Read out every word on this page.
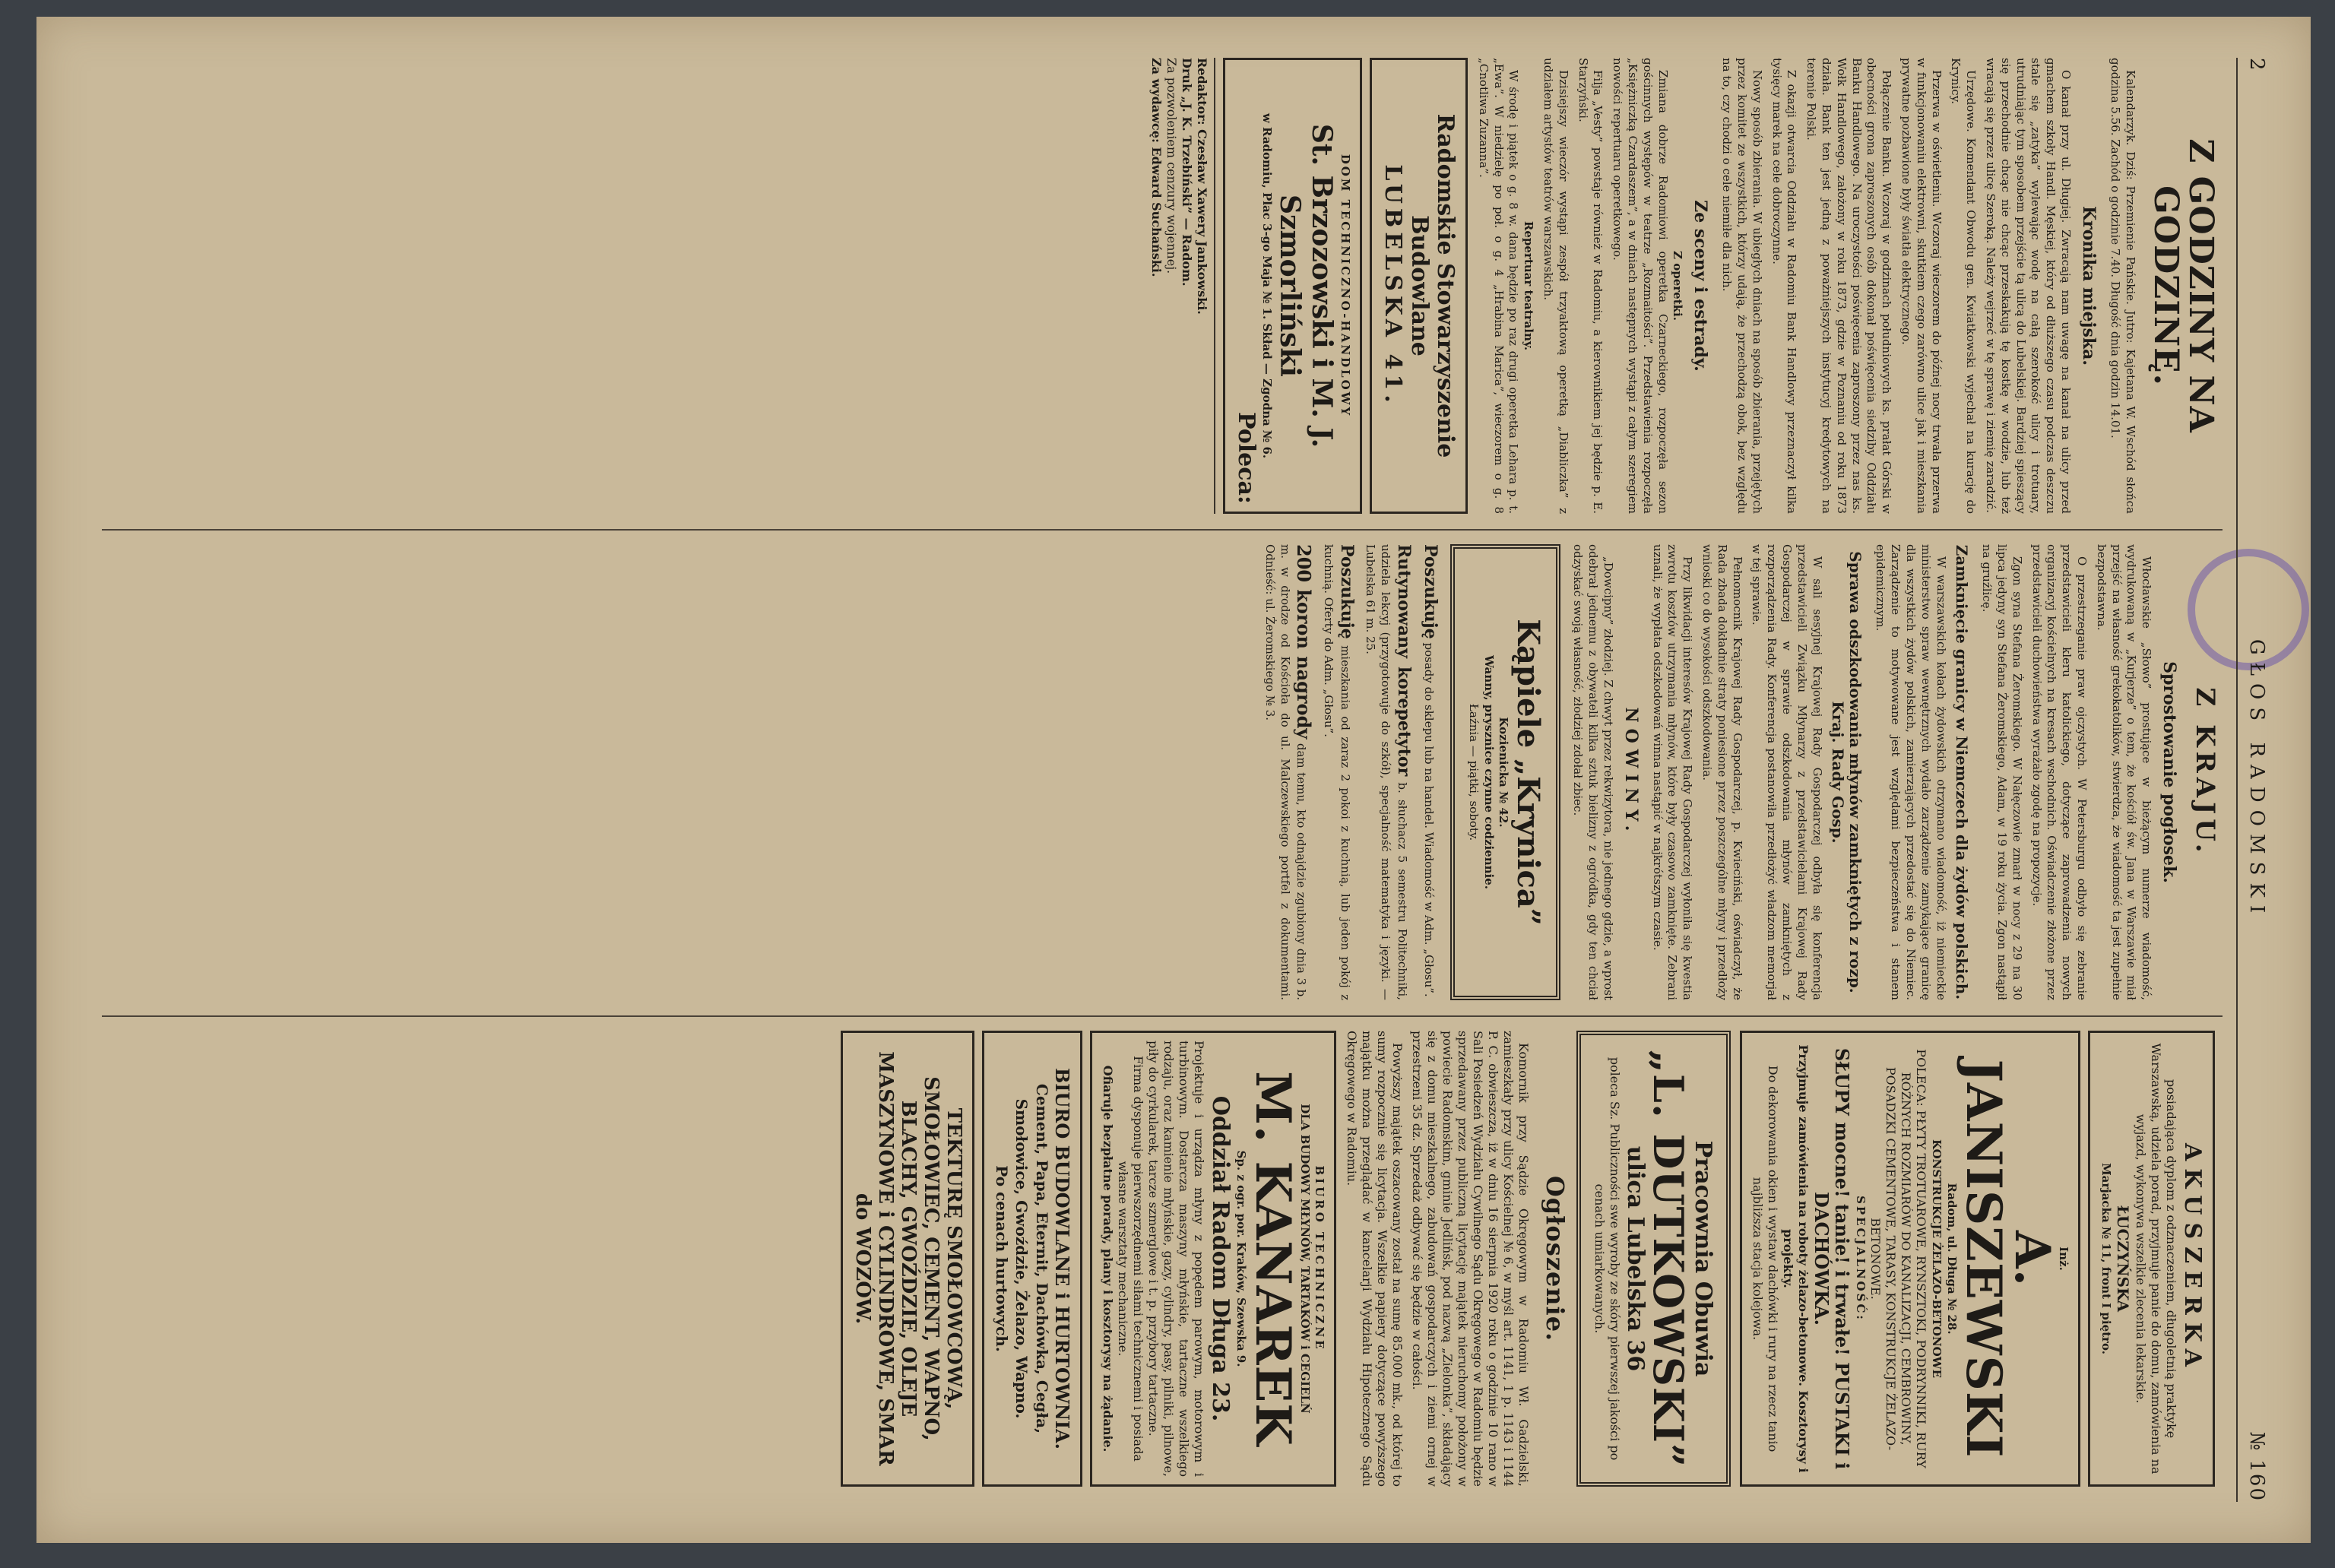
2
GŁOS RADOMSKI
№ 160
Z GODZINY NA GODZINĘ.

Kalendarzyk. Dziś: Przemienie Pańskie. Jutro: Kajetana W. Wschód słońca godzina 5.56. Zachód o godzinie 7.40. Długość dnia godzin 14.01.

Kronika miejska.

O kanał przy ul. Długiej. Zwracają nam uwagę na kanał na ulicy przed gmachem szkoły Handl. Męskiej, który od dłuższego czasu podczas deszczu stale się „zatyka” wylewając wodę na całą szerokość ulicy i trotuary, utrudniając tym sposobem przejście tą ulicą do Lubelskiej. Bardziej spieszący się przechodnie chcąc nie chcąc przeskakują tę kostkę w wodzie, lub też wracają się przez ulicę Szeroką. Należy wejrzeć w tę sprawę i ziemię zaradzić.

Urzędowe. Komendant Obwodu gen. Kwiatkowski wyjechał na kurację do Krynicy.

Przerwa w oświetleniu. Wczoraj wieczorem do późnej nocy trwała przerwa w funkcjonowaniu elektrowni, skutkiem czego zarówno ulice jak i mieszkania prywatne pozbawione były światła elektrycznego.

Połączenie Banku. Wczoraj w godzinach południowych ks. prałat Górski w obecności grona zaproszonych osób dokonał poświęcenia siedziby Oddziału Banku Handlowego. Na uroczystości poświęcenia zaproszony przez nas ks. Wołk Handlowego, założony w roku 1873, gdzie w Poznaniu od roku 1873 działa. Bank ten jest jedną z poważniejszych instytucyj kredytowych na terenie Polski.

Z okazji otwarcia Oddziału w Radomiu Bank Handlowy przeznaczył kilka tysięcy marek na cele dobroczynne.

Nowy sposób zbierania. W ubiegłych dniach na sposób zbierania, przejętych przez komitet ze wszystkich, którzy udają, że przechodzą obok, bez względu na to, czy chodzi o cele niemiłe dla nich.

Ze sceny i estrady.
Z operetki.

Zmiana dobrze Radomiowi operetka Czarneckiego, rozpoczęła sezon gościnnych występów w teatrze „Rozmaitości”. Przedstawienia rozpoczęła „Księżniczką Czardaszem”, a w dniach następnych wystąpi z całym szeregiem nowości repertuaru operetkowego.

Filja „Vesty” powstaje również w Radomiu, a kierownikiem jej będzie p. E. Starzyński.

Dzisiejszy wieczór wystąpi zespół trzyaktową operetką „Diabliczka” z udziałem artystów teatrów warszawskich.

Repertuar teatralny.

W środę i piątek o g. 8 w. dana będzie po raz drugi operetka Lehara p. t. „Ewa”. W niedzielę po poł. o g. 4 „Hrabina Marica”, wieczorem o g. 8 „Cnotliwa Zuzanna”.

Radomskie Stowarzyszenie Budowlane
LUBELSKA 41.
DOM TECHNICZNO-HANDLOWY
St. Brzozowski i M. J. Szmorliński
w Radomiu, Plac 3-go Maja № 1. Skład — Zgodna № 6.
Poleca:
Redaktor: Czesław Xawery Jankowski.
Druk „J. K. Trzebiński” — Radom.
Za pozwoleniem cenzury wojennej.
Za wydawcę: Edward Suchański.
Z KRAJU.
Sprostowanie pogłosek.

Włocławskie „Słowo” prostujące w bieżącym numerze wiadomość, wydrukowaną w „Kurjerze” o tem, że kościół św. Jana w Warszawie miał przejść na własność grekokatolików, stwierdza, że wiadomość ta jest zupełnie bezpodstawna.

O przestrzeganie praw ojczystych. W Petersburgu odbyło się zebranie przedstawicieli kleru katolickiego, dotyczące zaprowadzenia nowych organizacyj kościelnych na kresach wschodnich. Oświadczenie złożone przez przedstawicieli duchowieństwa wyrażało zgodę na propozycje.

Zgon syna Stefana Żeromskiego. W Nałęczowie zmarł w nocy z 29 na 30 lipca jedyny syn Stefana Żeromskiego, Adam, w 19 roku życia. Zgon nastąpił na gruźlicę.

Zamknięcie granicy w Niemczech dla żydów polskich.

W warszawskich kołach żydowskich otrzymano wiadomość, iż niemieckie ministerstwo spraw wewnętrznych wydało zarządzenie zamykające granicę dla wszystkich żydów polskich, zamierzających przedostać się do Niemiec. Zarządzenie to motywowane jest względami bezpieczeństwa i stanem epidemicznym.

Sprawa odszkodowania młynów zamkniętych z rozp. Kraj. Rady Gosp.

W sali sesyjnej Krajowej Rady Gospodarczej odbyła się konferencja przedstawicieli Związku Młynarzy z przedstawicielami Krajowej Rady Gospodarczej w sprawie odszkodowania młynów zamkniętych z rozporządzenia Rady. Konferencja postanowiła przedłożyć władzom memorjał w tej sprawie.

Pełnomocnik Krajowej Rady Gospodarczej, p. Kwieciński, oświadczył, że Rada zbada dokładnie straty poniesione przez poszczególne młyny i przedłoży wnioski co do wysokości odszkodowania.

Przy likwidacji interesów Krajowej Rady Gospodarczej wyłoniła się kwestia zwrotu kosztów utrzymania młynów, które były czasowo zamknięte. Zebrani uznali, że wypłata odszkodowań winna nastąpić w najkrótszym czasie.

NOWINY.

„Dowcipny” złodziej. Z chwyt przez rekwizytora, nie jednego gdzie, a wprost odebrał jednemu z obywateli kilka sztuk bielizny z ogródka, gdy ten chciał odzyskać swoją własność, złodziej zdołał zbiec.

Kąpiele „Krynica”
Kozienicka № 42.
Wanny, prysznice czynne codziennie.
Łaźnia — piątki, soboty.

Poszukuję posady do sklepu lub na handel. Wiadomość w Adm. „Głosu”.

Rutynowany korepetytor b. słuchacz 5 semestru Politechniki, udziela lekcyj (przygotowuje do szkół), specjalność matematyka i języki. — Lubelska 61 m. 25.

Poszukuję mieszkania od zaraz 2 pokoi z kuchnią, lub jeden pokój z kuchnią. Oferty do Adm. „Głosu”.

200 koron nagrody dam temu, kto odnajdzie zgubiony dnia 3 b. m. w drodze od Kościoła do ul. Malczewskiego portfel z dokumentami. Odnieść: ul. Żeromskiego № 3.

AKUSZERKA
posiadająca dyplom z odznaczeniem, długoletnią praktykę Warszawską, udziela porad, przyjmuje panie do domu, zamówienia na wyjazd, wykonywa wszelkie zlecenia lekarskie.
ŁUCZYŃSKA
Marjacka № 11, front I piętro.
Inż.
A. JANISZEWSKI
Radom, ul. Długa № 28.
KONSTRUKCJE ŻELAZO-BETONOWE
POLECA: PŁYTY TROTUAROWE, RYNSZTOKI, PODRYNNIKI, RURY RÓŻNYCH ROZMIARÓW DO KANALIZACJI, CEMBROWINY, POSADZKI CEMENTOWE, TARASY, KONSTRUKCJE ŻELAZO-BETONOWE.
SPECJALNOŚĆ:
SŁUPY mocne! tanie! i trwałe! PUSTAKI i DACHÓWKA.
Przyjmuje zamówienia na roboty żelazo-betonowe. Kosztorysy i projekty.
Do dekorowania okien i wystaw dachówki i rury na rzecz tanio najbliższa stacja kolejowa.
Pracownia Obuwia
„L. DUTKOWSKI”
ulica Lubelska 36
poleca Sz. Publiczności swe wyroby ze skóry pierwszej jakości po cenach umiarkowanych.
Ogłoszenie.

Komornik przy Sądzie Okręgowym w Radomiu Wł. Gadzielski, zamieszkały przy ulicy Kościelnej № 6, w myśl art. 1141, 1 p. 1143 i 1144 P. C. obwieszcza, iż w dniu 16 sierpnia 1920 roku o godzinie 10 rano w Sali Posiedzeń Wydziału Cywilnego Sądu Okręgowego w Radomiu będzie sprzedawany przez publiczną licytację majątek nieruchomy położony w powiecie Radomskim, gminie Jedlińsk, pod nazwą „Zielonka”, składający się z domu mieszkalnego, zabudowań gospodarczych i ziemi ornej w przestrzeni 35 dz. Sprzedaż odbywać się będzie w całości.

Powyższy majątek oszacowany został na sumę 85.000 mk., od której to sumy rozpocznie się licytacja. Wszelkie papiery dotyczące powyższego majątku można przeglądać w kancelarji Wydziału Hipotecznego Sądu Okręgowego w Radomiu.

BIURO TECHNICZNE
DLA BUDOWY MŁYNÓW, TARTAKÓW i CEGIELŃ
M. KANAREK
Sp. z ogr. por. Kraków, Szewska 9.
Oddział Radom Długa 23.
Projektuje i urządza młyny z popędem parowym, motorowym i turbinowym. Dostarcza maszyny młyńskie, tartaczne wszelkiego rodzaju, oraz kamienie młyńskie, gazy, cylindry, pasy, pilniki, pilnowe, piły do cyrkularek, tarcze szmerglowe i t. p. przybory tartaczne.
Firma dysponuje pierwszorzędnemi siłami technicznemi i posiada własne warsztaty mechaniczne.
Ofiaruje bezpłatne porady, plany i kosztorysy na żądanie.
BIURO BUDOWLANE i HURTOWNIA.
Cement, Papa, Eternit, Dachówka, Cegła, Smołowice, Gwoździe, Żelazo, Wapno.
Po cenach hurtowych.
TEKTURĘ SMOŁOWCOWĄ, SMOŁOWIEC, CEMENT, WAPNO, BLACHY, GWOŹDZIE, OLEJE MASZYNOWE i CYLINDROWE, SMAR do WOZÓW.
